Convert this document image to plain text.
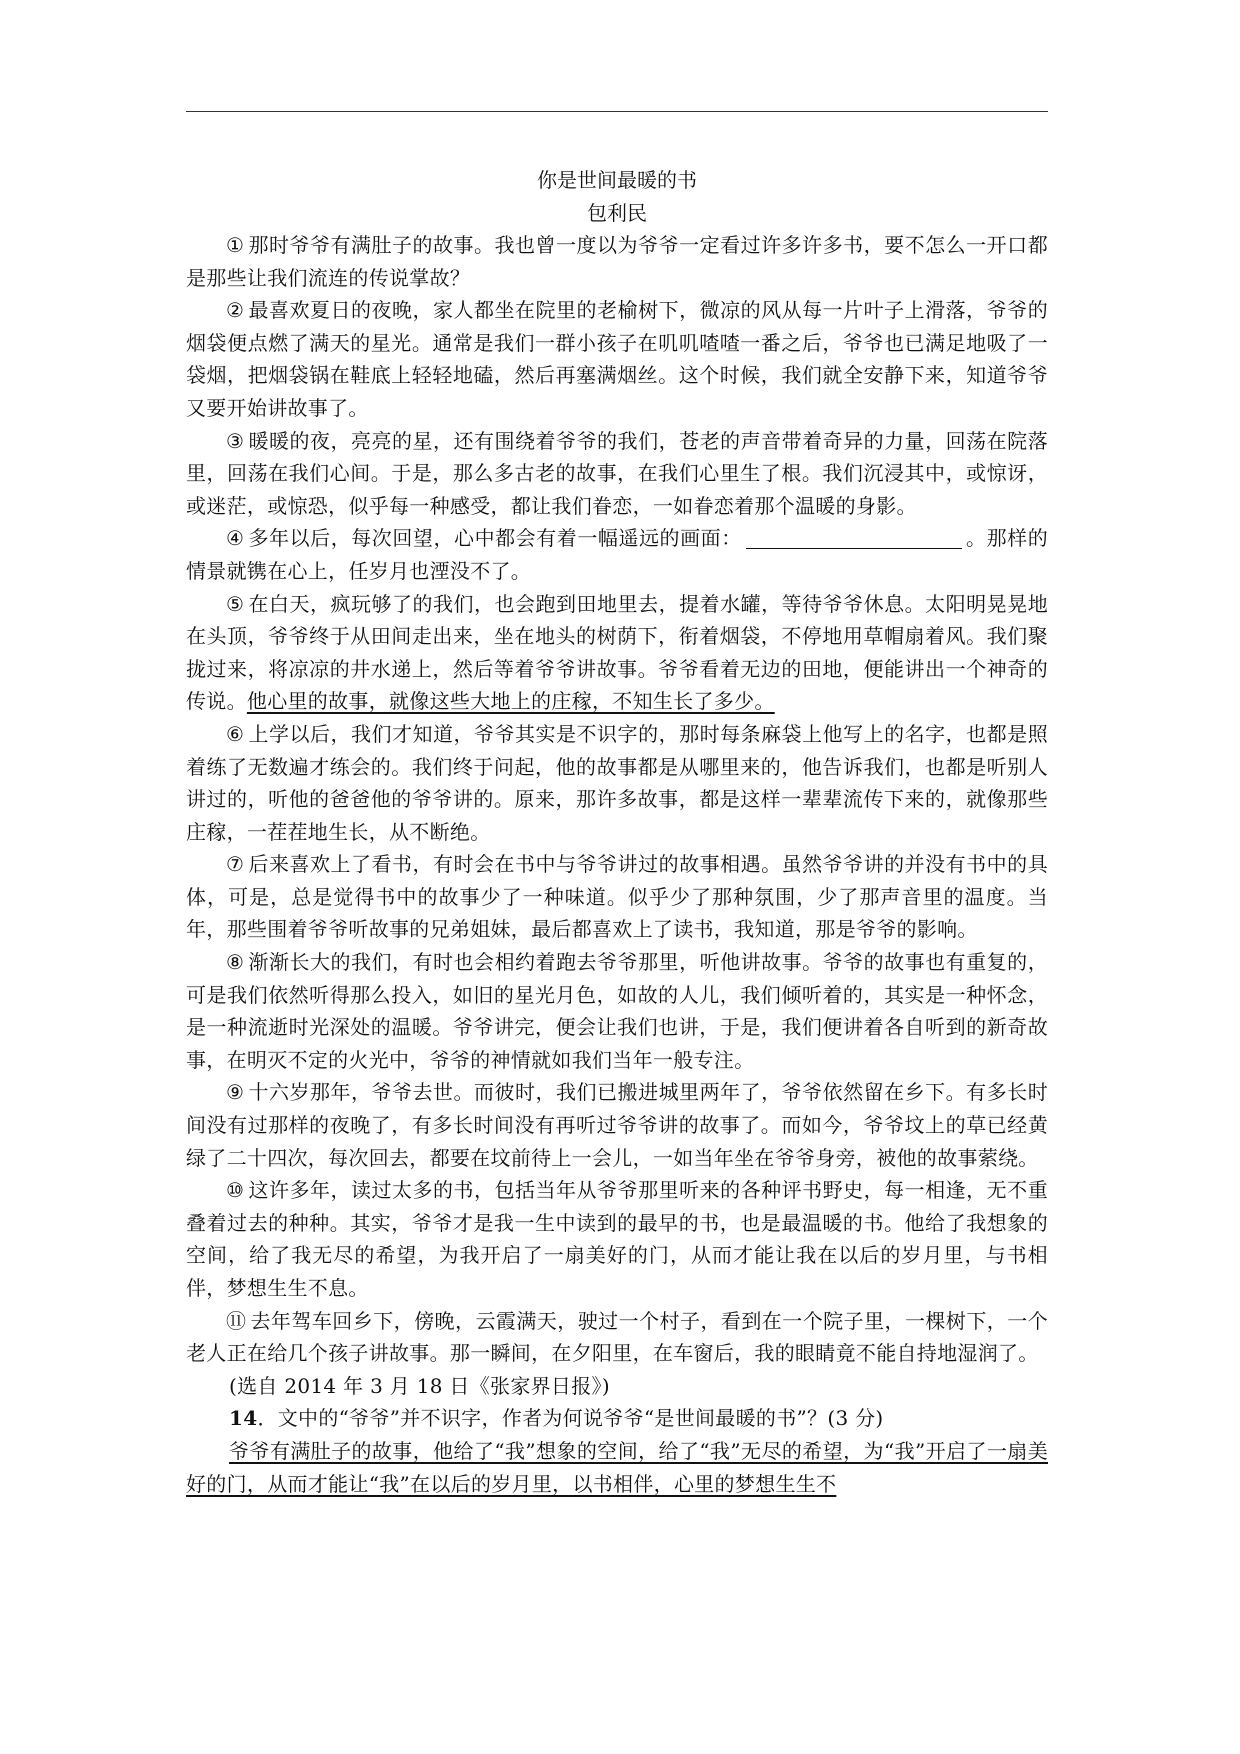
你是世间最暖的书
包利民

① 那时爷爷有满肚子的故事。我也曾一度以为爷爷一定看过许多许多书，要不怎么一开口都是那些让我们流连的传说掌故？

② 最喜欢夏日的夜晚，家人都坐在院里的老榆树下，微凉的风从每一片叶子上滑落，爷爷的烟袋便点燃了满天的星光。通常是我们一群小孩子在叽叽喳喳一番之后，爷爷也已满足地吸了一袋烟，把烟袋锅在鞋底上轻轻地磕，然后再塞满烟丝。这个时候，我们就全安静下来，知道爷爷又要开始讲故事了。

③ 暖暖的夜，亮亮的星，还有围绕着爷爷的我们，苍老的声音带着奇异的力量，回荡在院落里，回荡在我们心间。于是，那么多古老的故事，在我们心里生了根。我们沉浸其中，或惊讶，或迷茫，或惊恐，似乎每一种感受，都让我们眷恋，一如眷恋着那个温暖的身影。

④ 多年以后，每次回望，心中都会有着一幅遥远的画面：	。那样的情景就镌在心上，任岁月也湮没不了。

⑤ 在白天，疯玩够了的我们，也会跑到田地里去，提着水罐，等待爷爷休息。太阳明晃晃地在头顶，爷爷终于从田间走出来，坐在地头的树荫下，衔着烟袋，不停地用草帽扇着风。我们聚拢过来，将凉凉的井水递上，然后等着爷爷讲故事。爷爷看着无边的田地，便能讲出一个神奇的传说。他心里的故事，就像这些大地上的庄稼，不知生长了多少。

⑥ 上学以后，我们才知道，爷爷其实是不识字的，那时每条麻袋上他写上的名字，也都是照着练了无数遍才练会的。我们终于问起，他的故事都是从哪里来的，他告诉我们，也都是听别人讲过的，听他的爸爸他的爷爷讲的。原来，那许多故事，都是这样一辈辈流传下来的，就像那些庄稼，一茬茬地生长，从不断绝。

⑦ 后来喜欢上了看书，有时会在书中与爷爷讲过的故事相遇。虽然爷爷讲的并没有书中的具体，可是，总是觉得书中的故事少了一种味道。似乎少了那种氛围，少了那声音里的温度。当年，那些围着爷爷听故事的兄弟姐妹，最后都喜欢上了读书，我知道，那是爷爷的影响。

⑧ 渐渐长大的我们，有时也会相约着跑去爷爷那里，听他讲故事。爷爷的故事也有重复的，可是我们依然听得那么投入，如旧的星光月色，如故的人儿，我们倾听着的，其实是一种怀念，是一种流逝时光深处的温暖。爷爷讲完，便会让我们也讲，于是，我们便讲着各自听到的新奇故事，在明灭不定的火光中，爷爷的神情就如我们当年一般专注。

⑨ 十六岁那年，爷爷去世。而彼时，我们已搬进城里两年了，爷爷依然留在乡下。有多长时间没有过那样的夜晚了，有多长时间没有再听过爷爷讲的故事了。而如今，爷爷坟上的草已经黄绿了二十四次，每次回去，都要在坟前待上一会儿，一如当年坐在爷爷身旁，被他的故事萦绕。

⑩ 这许多年，读过太多的书，包括当年从爷爷那里听来的各种评书野史，每一相逢，无不重叠着过去的种种。其实，爷爷才是我一生中读到的最早的书，也是最温暖的书。他给了我想象的空间，给了我无尽的希望，为我开启了一扇美好的门，从而才能让我在以后的岁月里，与书相伴，梦想生生不息。

⑪ 去年驾车回乡下，傍晚，云霞满天，驶过一个村子，看到在一个院子里，一棵树下，一个老人正在给几个孩子讲故事。那一瞬间，在夕阳里，在车窗后，我的眼睛竟不能自持地湿润了。

(选自 2014 年 3 月 18 日《张家界日报》)

14．文中的“爷爷”并不识字，作者为何说爷爷“是世间最暖的书”？(3 分)

爷爷有满肚子的故事，他给了“我”想象的空间，给了“我”无尽的希望，为“我”开启了一扇美好的门，从而才能让“我”在以后的岁月里，以书相伴，心里的梦想生生不
